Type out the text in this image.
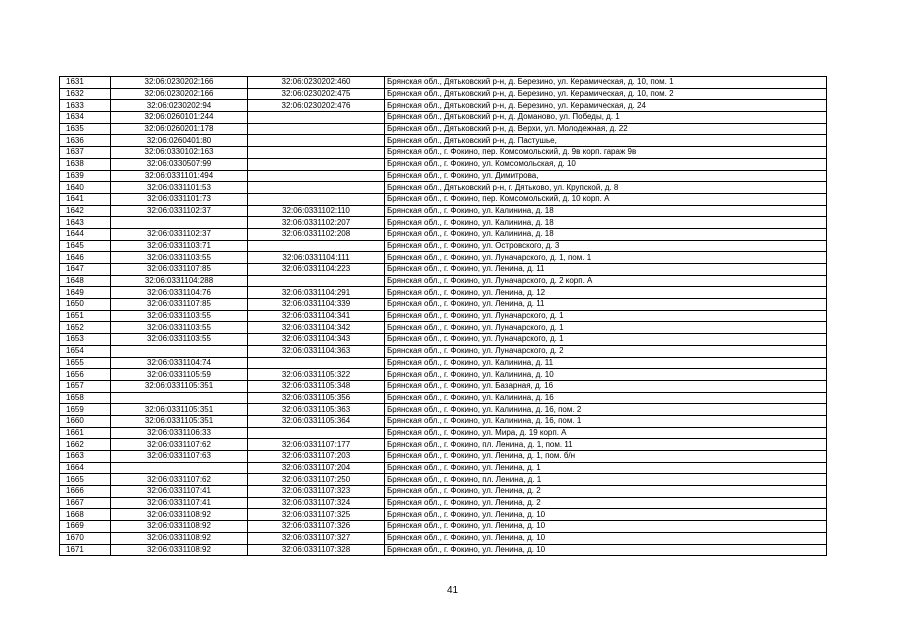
1631	32:06:0230202:166	32:06:0230202:460	Брянская обл., Дятьковский р-н, д. Березино, ул. Керамическая, д. 10, пом. 1
1632	32:06:0230202:166	32:06:0230202:475	Брянская обл., Дятьковский р-н, д. Березино, ул. Керамическая, д. 10, пом. 2
1633	32:06:0230202:94	32:06:0230202:476	Брянская обл., Дятьковский р-н, д. Березино, ул. Керамическая, д. 24
1634	32:06:0260101:244		Брянская обл., Дятьковский р-н, д. Доманово, ул. Победы, д. 1
1635	32:06:0260201:178		Брянская обл., Дятьковский р-н, д. Верхи, ул. Молодежная, д. 22
1636	32:06:0260401:80		Брянская обл., Дятьковский р-н, д. Пастушье,
1637	32:06:0330102:163		Брянская обл., г. Фокино, пер. Комсомольский, д. 9в корп. гараж 9в
1638	32:06:0330507:99		Брянская обл., г. Фокино, ул. Комсомольская, д. 10
1639	32:06:0331101:494		Брянская обл., г. Фокино, ул. Димитрова,
1640	32:06:0331101:53		Брянская обл., Дятьковский р-н, г. Дятьково, ул. Крупской, д. 8
1641	32:06:0331101:73		Брянская обл., г. Фокино, пер. Комсомольский, д. 10 корп. А
1642	32:06:0331102:37	32:06:0331102:110	Брянская обл., г. Фокино, ул. Калинина, д. 18
1643		32:06:0331102:207	Брянская обл., г. Фокино, ул. Калинина, д. 18
1644	32:06:0331102:37	32:06:0331102:208	Брянская обл., г. Фокино, ул. Калинина, д. 18
1645	32:06:0331103:71		Брянская обл., г. Фокино, ул. Островского, д. 3
1646	32:06:0331103:55	32:06:0331104:111	Брянская обл., г. Фокино, ул. Луначарского, д. 1, пом. 1
1647	32:06:0331107:85	32:06:0331104:223	Брянская обл., г. Фокино, ул. Ленина, д. 11
1648	32:06:0331104:288		Брянская обл., г. Фокино, ул. Луначарского, д. 2 корп. А
1649	32:06:0331104:76	32:06:0331104:291	Брянская обл., г. Фокино, ул. Ленина, д. 12
1650	32:06:0331107:85	32:06:0331104:339	Брянская обл., г. Фокино, ул. Ленина, д. 11
1651	32:06:0331103:55	32:06:0331104:341	Брянская обл., г. Фокино, ул. Луначарского, д. 1
1652	32:06:0331103:55	32:06:0331104:342	Брянская обл., г. Фокино, ул. Луначарского, д. 1
1653	32:06:0331103:55	32:06:0331104:343	Брянская обл., г. Фокино, ул. Луначарского, д. 1
1654		32:06:0331104:363	Брянская обл., г. Фокино, ул. Луначарского, д. 2
1655	32:06:0331104:74		Брянская обл., г. Фокино, ул. Калинина, д. 11
1656	32:06:0331105:59	32:06:0331105:322	Брянская обл., г. Фокино, ул. Калинина, д. 10
1657	32:06:0331105:351	32:06:0331105:348	Брянская обл., г. Фокино, ул. Базарная, д. 16
1658		32:06:0331105:356	Брянская обл., г. Фокино, ул. Калинина, д. 16
1659	32:06:0331105:351	32:06:0331105:363	Брянская обл., г. Фокино, ул. Калинина, д. 16, пом. 2
1660	32:06:0331105:351	32:06:0331105:364	Брянская обл., г. Фокино, ул. Калинина, д. 16, пом. 1
1661	32:06:0331106:33		Брянская обл., г. Фокино, ул. Мира, д. 19 корп. А
1662	32:06:0331107:62	32:06:0331107:177	Брянская обл., г. Фокино, пл. Ленина, д. 1, пом. 11
1663	32:06:0331107:63	32:06:0331107:203	Брянская обл., г. Фокино, ул. Ленина, д. 1, пом. б/н
1664		32:06:0331107:204	Брянская обл., г. Фокино, ул. Ленина, д. 1
1665	32:06:0331107:62	32:06:0331107:250	Брянская обл., г. Фокино, пл. Ленина, д. 1
1666	32:06:0331107:41	32:06:0331107:323	Брянская обл., г. Фокино, ул. Ленина, д. 2
1667	32:06:0331107:41	32:06:0331107:324	Брянская обл., г. Фокино, ул. Ленина, д. 2
1668	32:06:0331108:92	32:06:0331107:325	Брянская обл., г. Фокино, ул. Ленина, д. 10
1669	32:06:0331108:92	32:06:0331107:326	Брянская обл., г. Фокино, ул. Ленина, д. 10
1670	32:06:0331108:92	32:06:0331107:327	Брянская обл., г. Фокино, ул. Ленина, д. 10
1671	32:06:0331108:92	32:06:0331107:328	Брянская обл., г. Фокино, ул. Ленина, д. 10
41
